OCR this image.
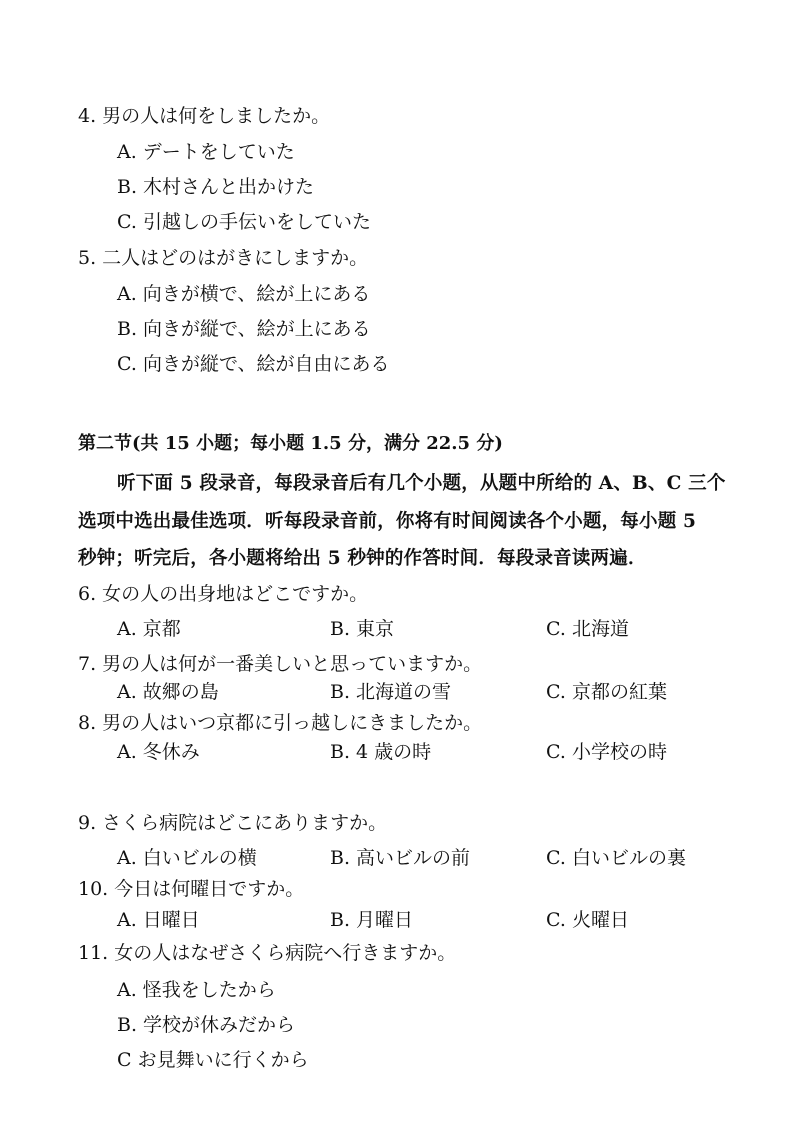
4. 男の人は何をしましたか。
A. デートをしていた
B. 木村さんと出かけた
C. 引越しの手伝いをしていた
5. 二人はどのはがきにしますか。
A. 向きが横で、絵が上にある
B. 向きが縦で、絵が上にある
C. 向きが縦で、絵が自由にある
第二节(共 15 小题；每小题 1.5 分，满分 22.5 分)
听下面 5 段录音，每段录音后有几个小题，从题中所给的 A、B、C 三个
选项中选出最佳选项．听每段录音前，你将有时间阅读各个小题，每小题 5
秒钟；听完后，各小题将给出 5 秒钟的作答时间．每段录音读两遍．
6. 女の人の出身地はどこですか。
A. 京都	B. 東京	C. 北海道
7. 男の人は何が一番美しいと思っていますか。
A. 故郷の島	B. 北海道の雪	C. 京都の紅葉
8. 男の人はいつ京都に引っ越しにきましたか。
A. 冬休み	B. 4 歳の時	C. 小学校の時
9. さくら病院はどこにありますか。
A. 白いビルの横	B. 高いビルの前	C. 白いビルの裏
10. 今日は何曜日ですか。
A. 日曜日	B. 月曜日	C. 火曜日
11. 女の人はなぜさくら病院へ行きますか。
A. 怪我をしたから
B. 学校が休みだから
C お見舞いに行くから
